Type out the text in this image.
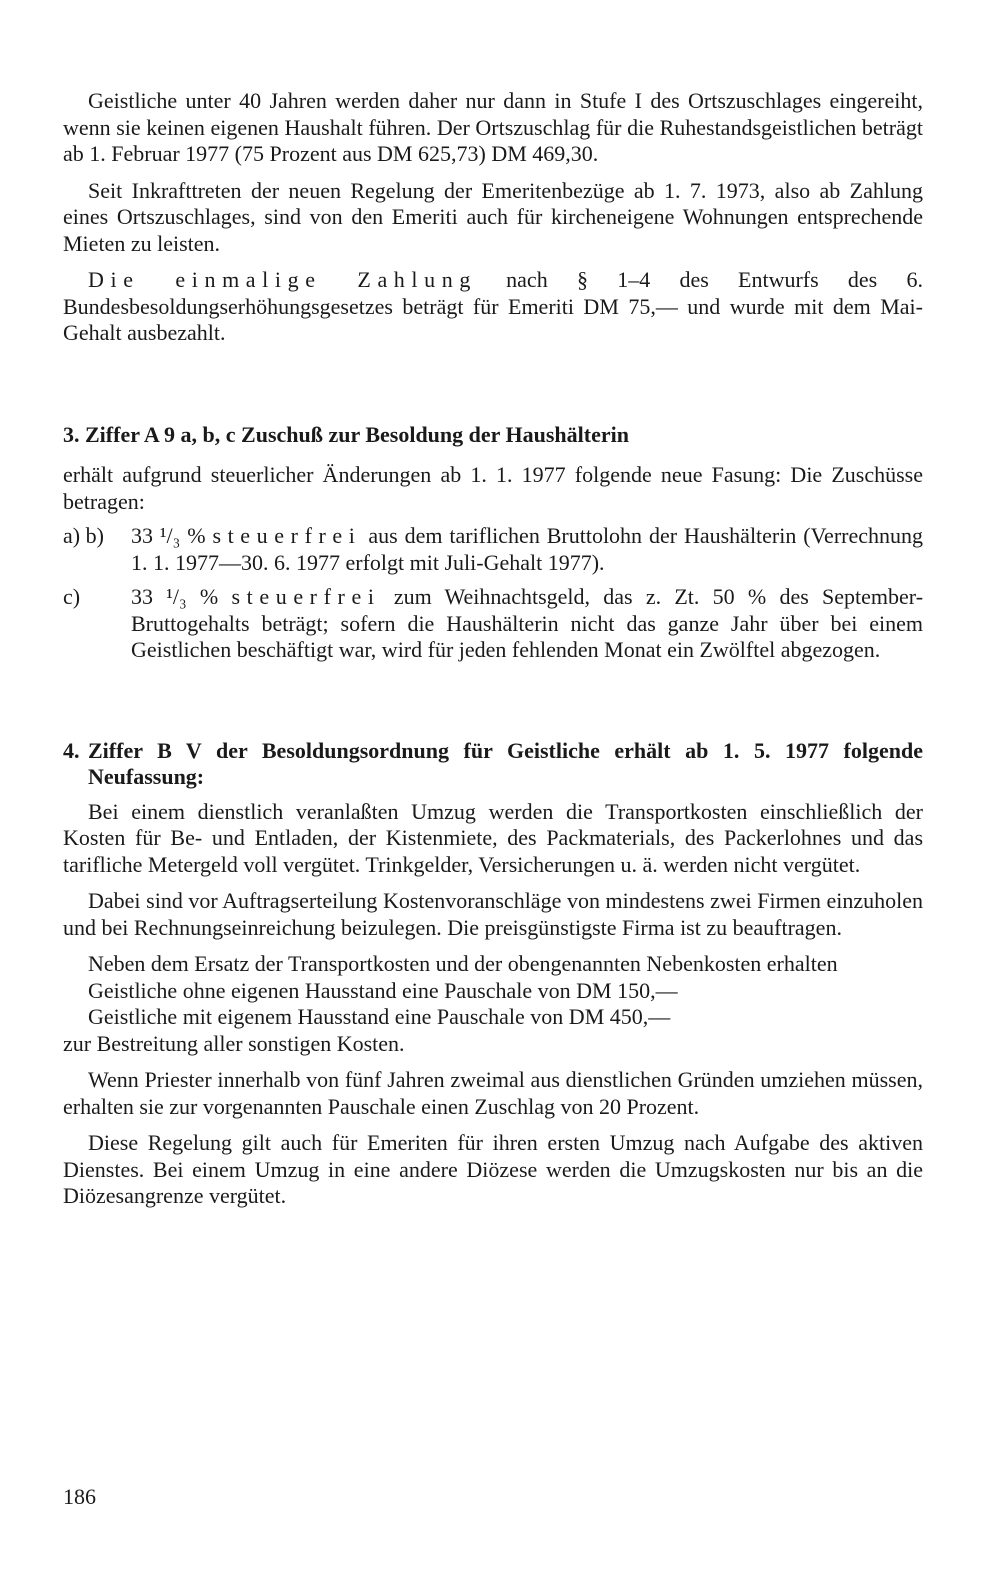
Geistliche unter 40 Jahren werden daher nur dann in Stufe I des Ortszuschlages eingereiht, wenn sie keinen eigenen Haushalt führen. Der Ortszuschlag für die Ruhestandsgeistlichen beträgt ab 1. Februar 1977 (75 Prozent aus DM 625,73) DM 469,30.

Seit Inkrafttreten der neuen Regelung der Emeritenbezüge ab 1. 7. 1973, also ab Zahlung eines Ortszuschlages, sind von den Emeriti auch für kircheneigene Wohnungen entsprechende Mieten zu leisten.

Die einmalige Zahlung nach § 1–4 des Entwurfs des 6. Bundesbesoldungserhöhungsgesetzes beträgt für Emeriti DM 75,— und wurde mit dem Mai-Gehalt ausbezahlt.

3. Ziffer A 9 a, b, c Zuschuß zur Besoldung der Haushälterin

erhält aufgrund steuerlicher Änderungen ab 1. 1. 1977 folgende neue Fasung: Die Zuschüsse betragen:

a) b)	33 ¹/₃ % steuerfrei aus dem tariflichen Bruttolohn der Haushälterin (Verrechnung 1. 1. 1977—30. 6. 1977 erfolgt mit Juli-Gehalt 1977).
c)	33 ¹/₃ % steuerfrei zum Weihnachtsgeld, das z. Zt. 50 % des September-Bruttogehalts beträgt; sofern die Haushälterin nicht das ganze Jahr über bei einem Geistlichen beschäftigt war, wird für jeden fehlenden Monat ein Zwölftel abgezogen.
4. Ziffer B V der Besoldungsordnung für Geistliche erhält ab 1. 5. 1977 folgende Neufassung:

Bei einem dienstlich veranlaßten Umzug werden die Transportkosten einschließlich der Kosten für Be- und Entladen, der Kistenmiete, des Packmaterials, des Packerlohnes und das tarifliche Metergeld voll vergütet. Trinkgelder, Versicherungen u. ä. werden nicht vergütet.

Dabei sind vor Auftragserteilung Kostenvoranschläge von mindestens zwei Firmen einzuholen und bei Rechnungseinreichung beizulegen. Die preisgünstigste Firma ist zu beauftragen.

Neben dem Ersatz der Transportkosten und der obengenannten Nebenkosten erhalten

Geistliche ohne eigenen Hausstand eine Pauschale von DM 150,—
Geistliche mit eigenem Hausstand eine Pauschale von DM 450,—
zur Bestreitung aller sonstigen Kosten.

Wenn Priester innerhalb von fünf Jahren zweimal aus dienstlichen Gründen umziehen müssen, erhalten sie zur vorgenannten Pauschale einen Zuschlag von 20 Prozent.

Diese Regelung gilt auch für Emeriten für ihren ersten Umzug nach Aufgabe des aktiven Dienstes. Bei einem Umzug in eine andere Diözese werden die Umzugskosten nur bis an die Diözesangrenze vergütet.

186
